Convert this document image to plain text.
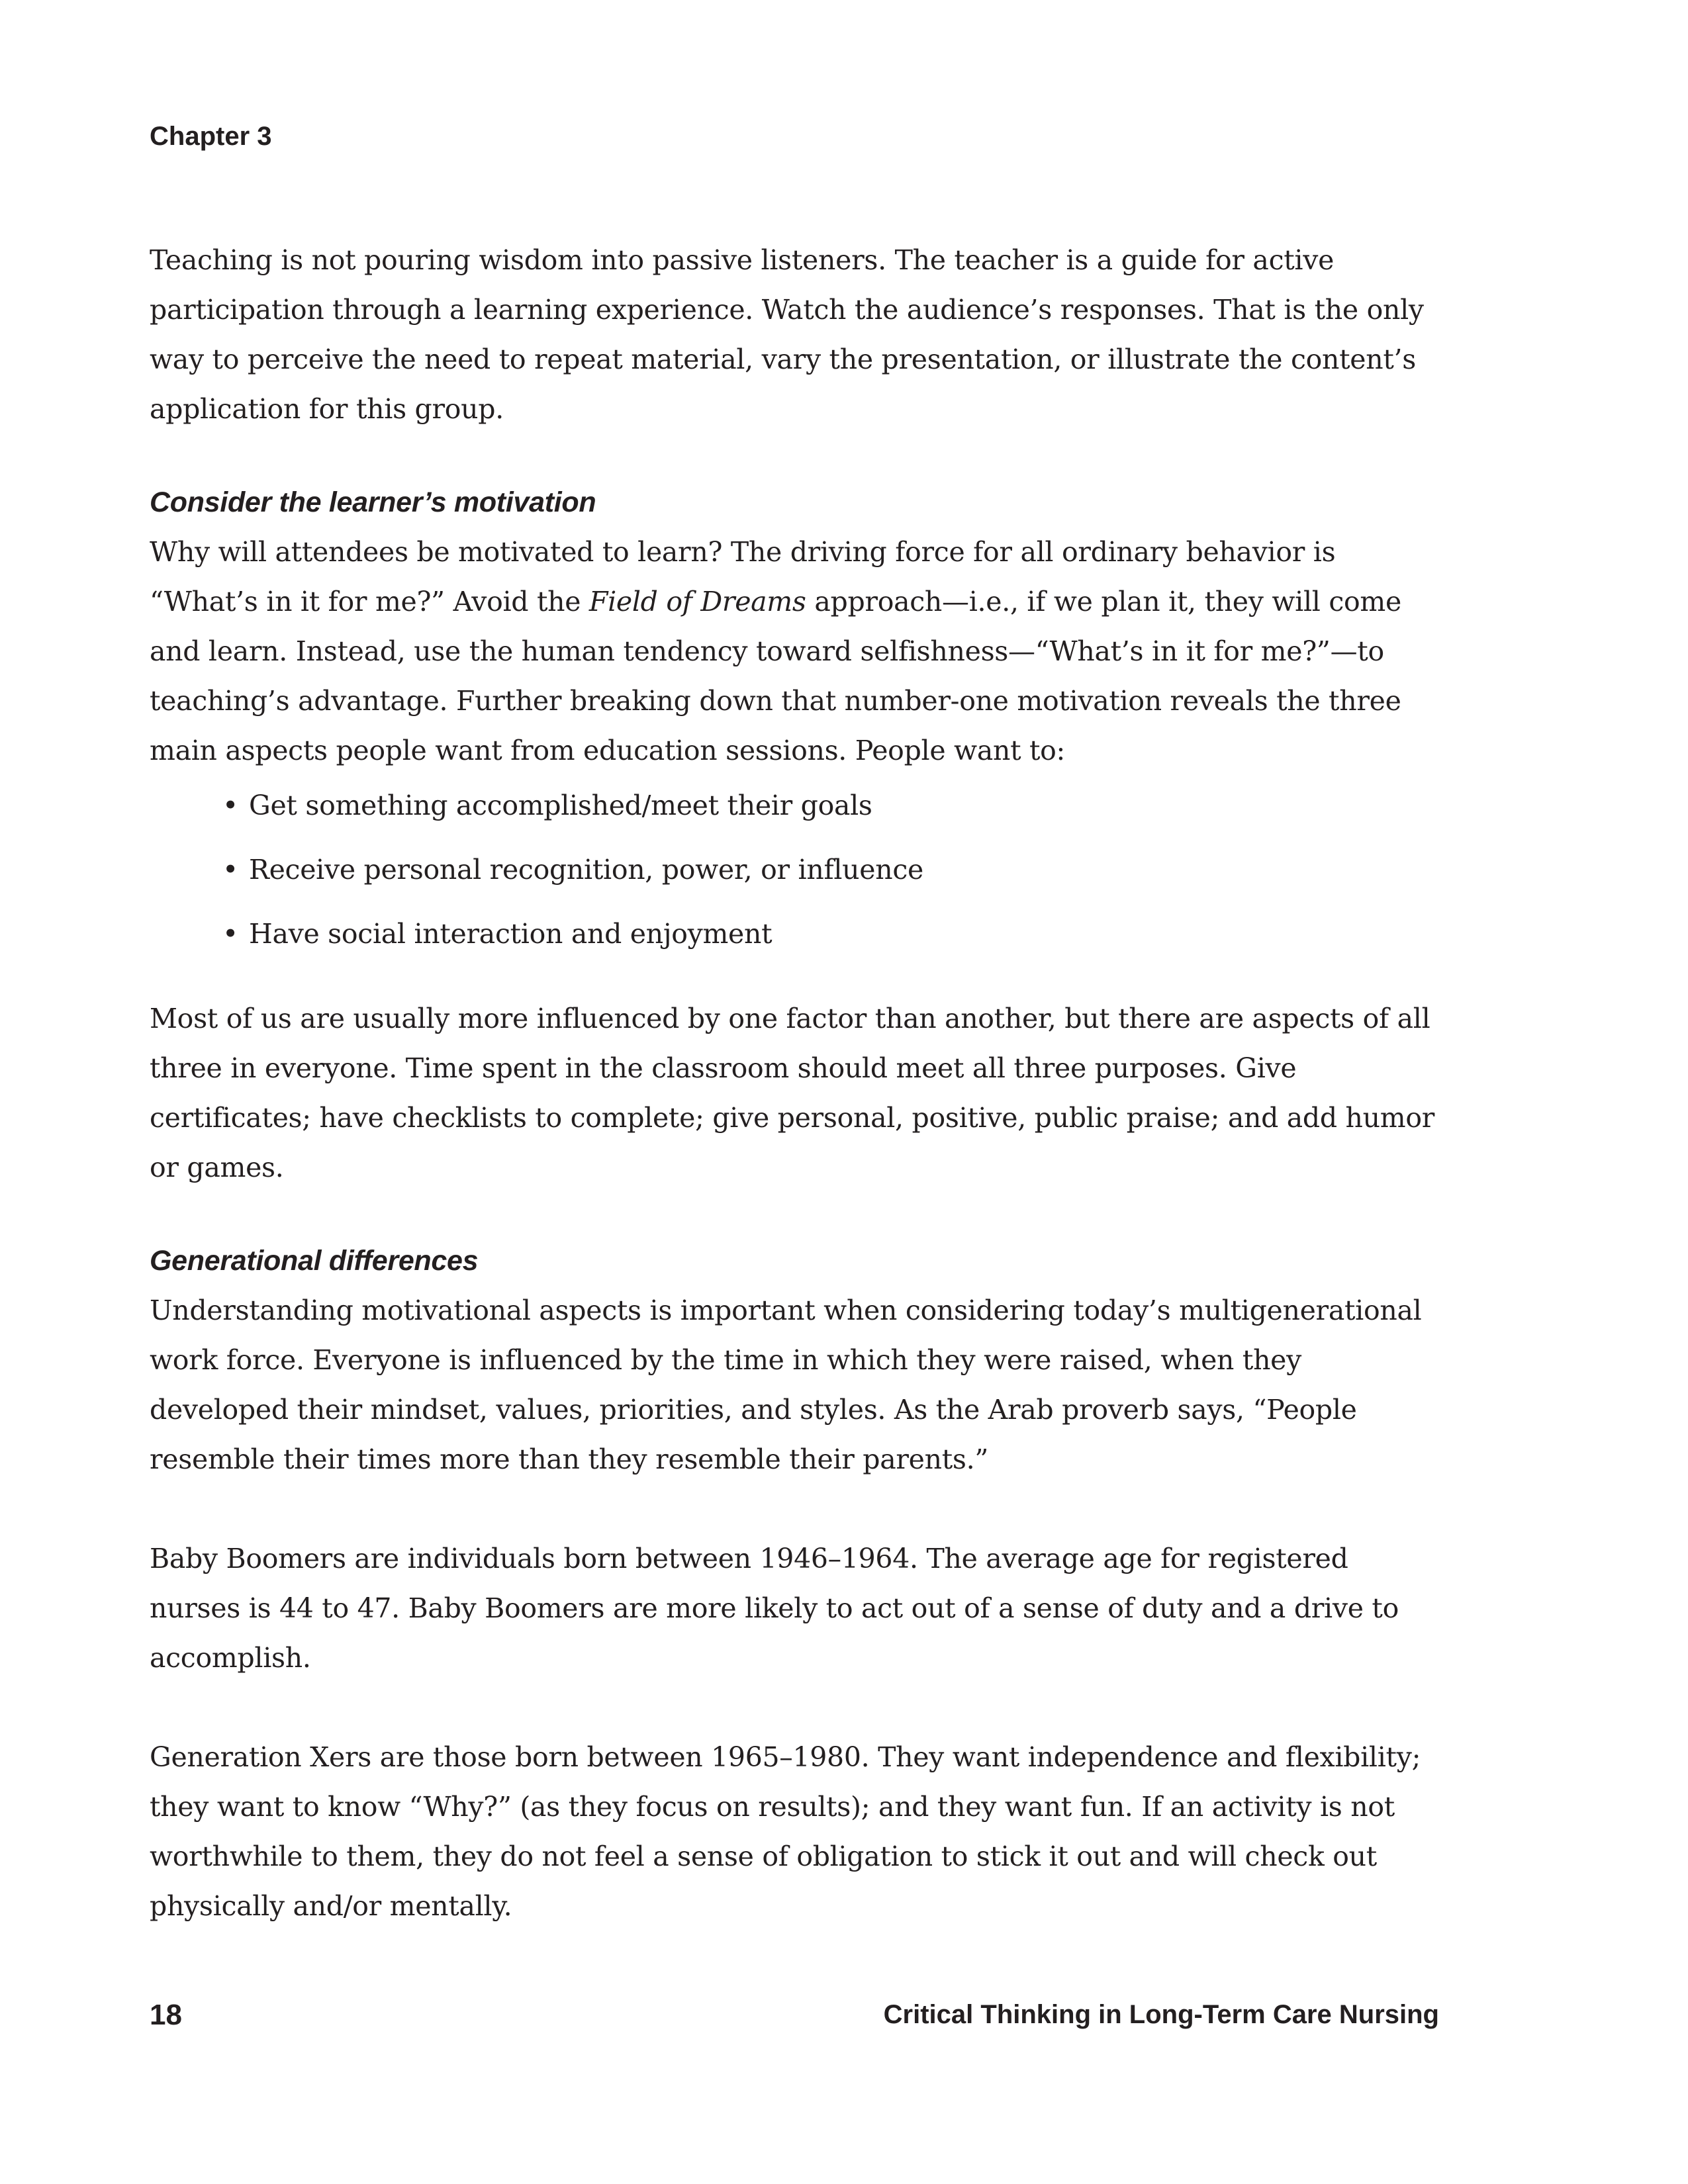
Chapter 3

Teaching is not pouring wisdom into passive listeners. The teacher is a guide for active participation through a learning experience. Watch the audience’s responses. That is the only way to perceive the need to repeat material, vary the presentation, or illustrate the content’s application for this group.

Consider the learner’s motivation

Why will attendees be motivated to learn? The driving force for all ordinary behavior is “What’s in it for me?” Avoid the Field of Dreams approach—i.e., if we plan it, they will come and learn. Instead, use the human tendency toward selfishness—“What’s in it for me?”—to teaching’s advantage. Further breaking down that number-one motivation reveals the three main aspects people want from education sessions. People want to:

• Get something accomplished/meet their goals
• Receive personal recognition, power, or influence
• Have social interaction and enjoyment

Most of us are usually more influenced by one factor than another, but there are aspects of all three in everyone. Time spent in the classroom should meet all three purposes. Give certificates; have checklists to complete; give personal, positive, public praise; and add humor or games.

Generational differences

Understanding motivational aspects is important when considering today’s multigenerational work force. Everyone is influenced by the time in which they were raised, when they developed their mindset, values, priorities, and styles. As the Arab proverb says, “People resemble their times more than they resemble their parents.”

Baby Boomers are individuals born between 1946–1964. The average age for registered nurses is 44 to 47. Baby Boomers are more likely to act out of a sense of duty and a drive to accomplish.

Generation Xers are those born between 1965–1980. They want independence and flexibility; they want to know “Why?” (as they focus on results); and they want fun. If an activity is not worthwhile to them, they do not feel a sense of obligation to stick it out and will check out physically and/or mentally.

18	Critical Thinking in Long-Term Care Nursing
